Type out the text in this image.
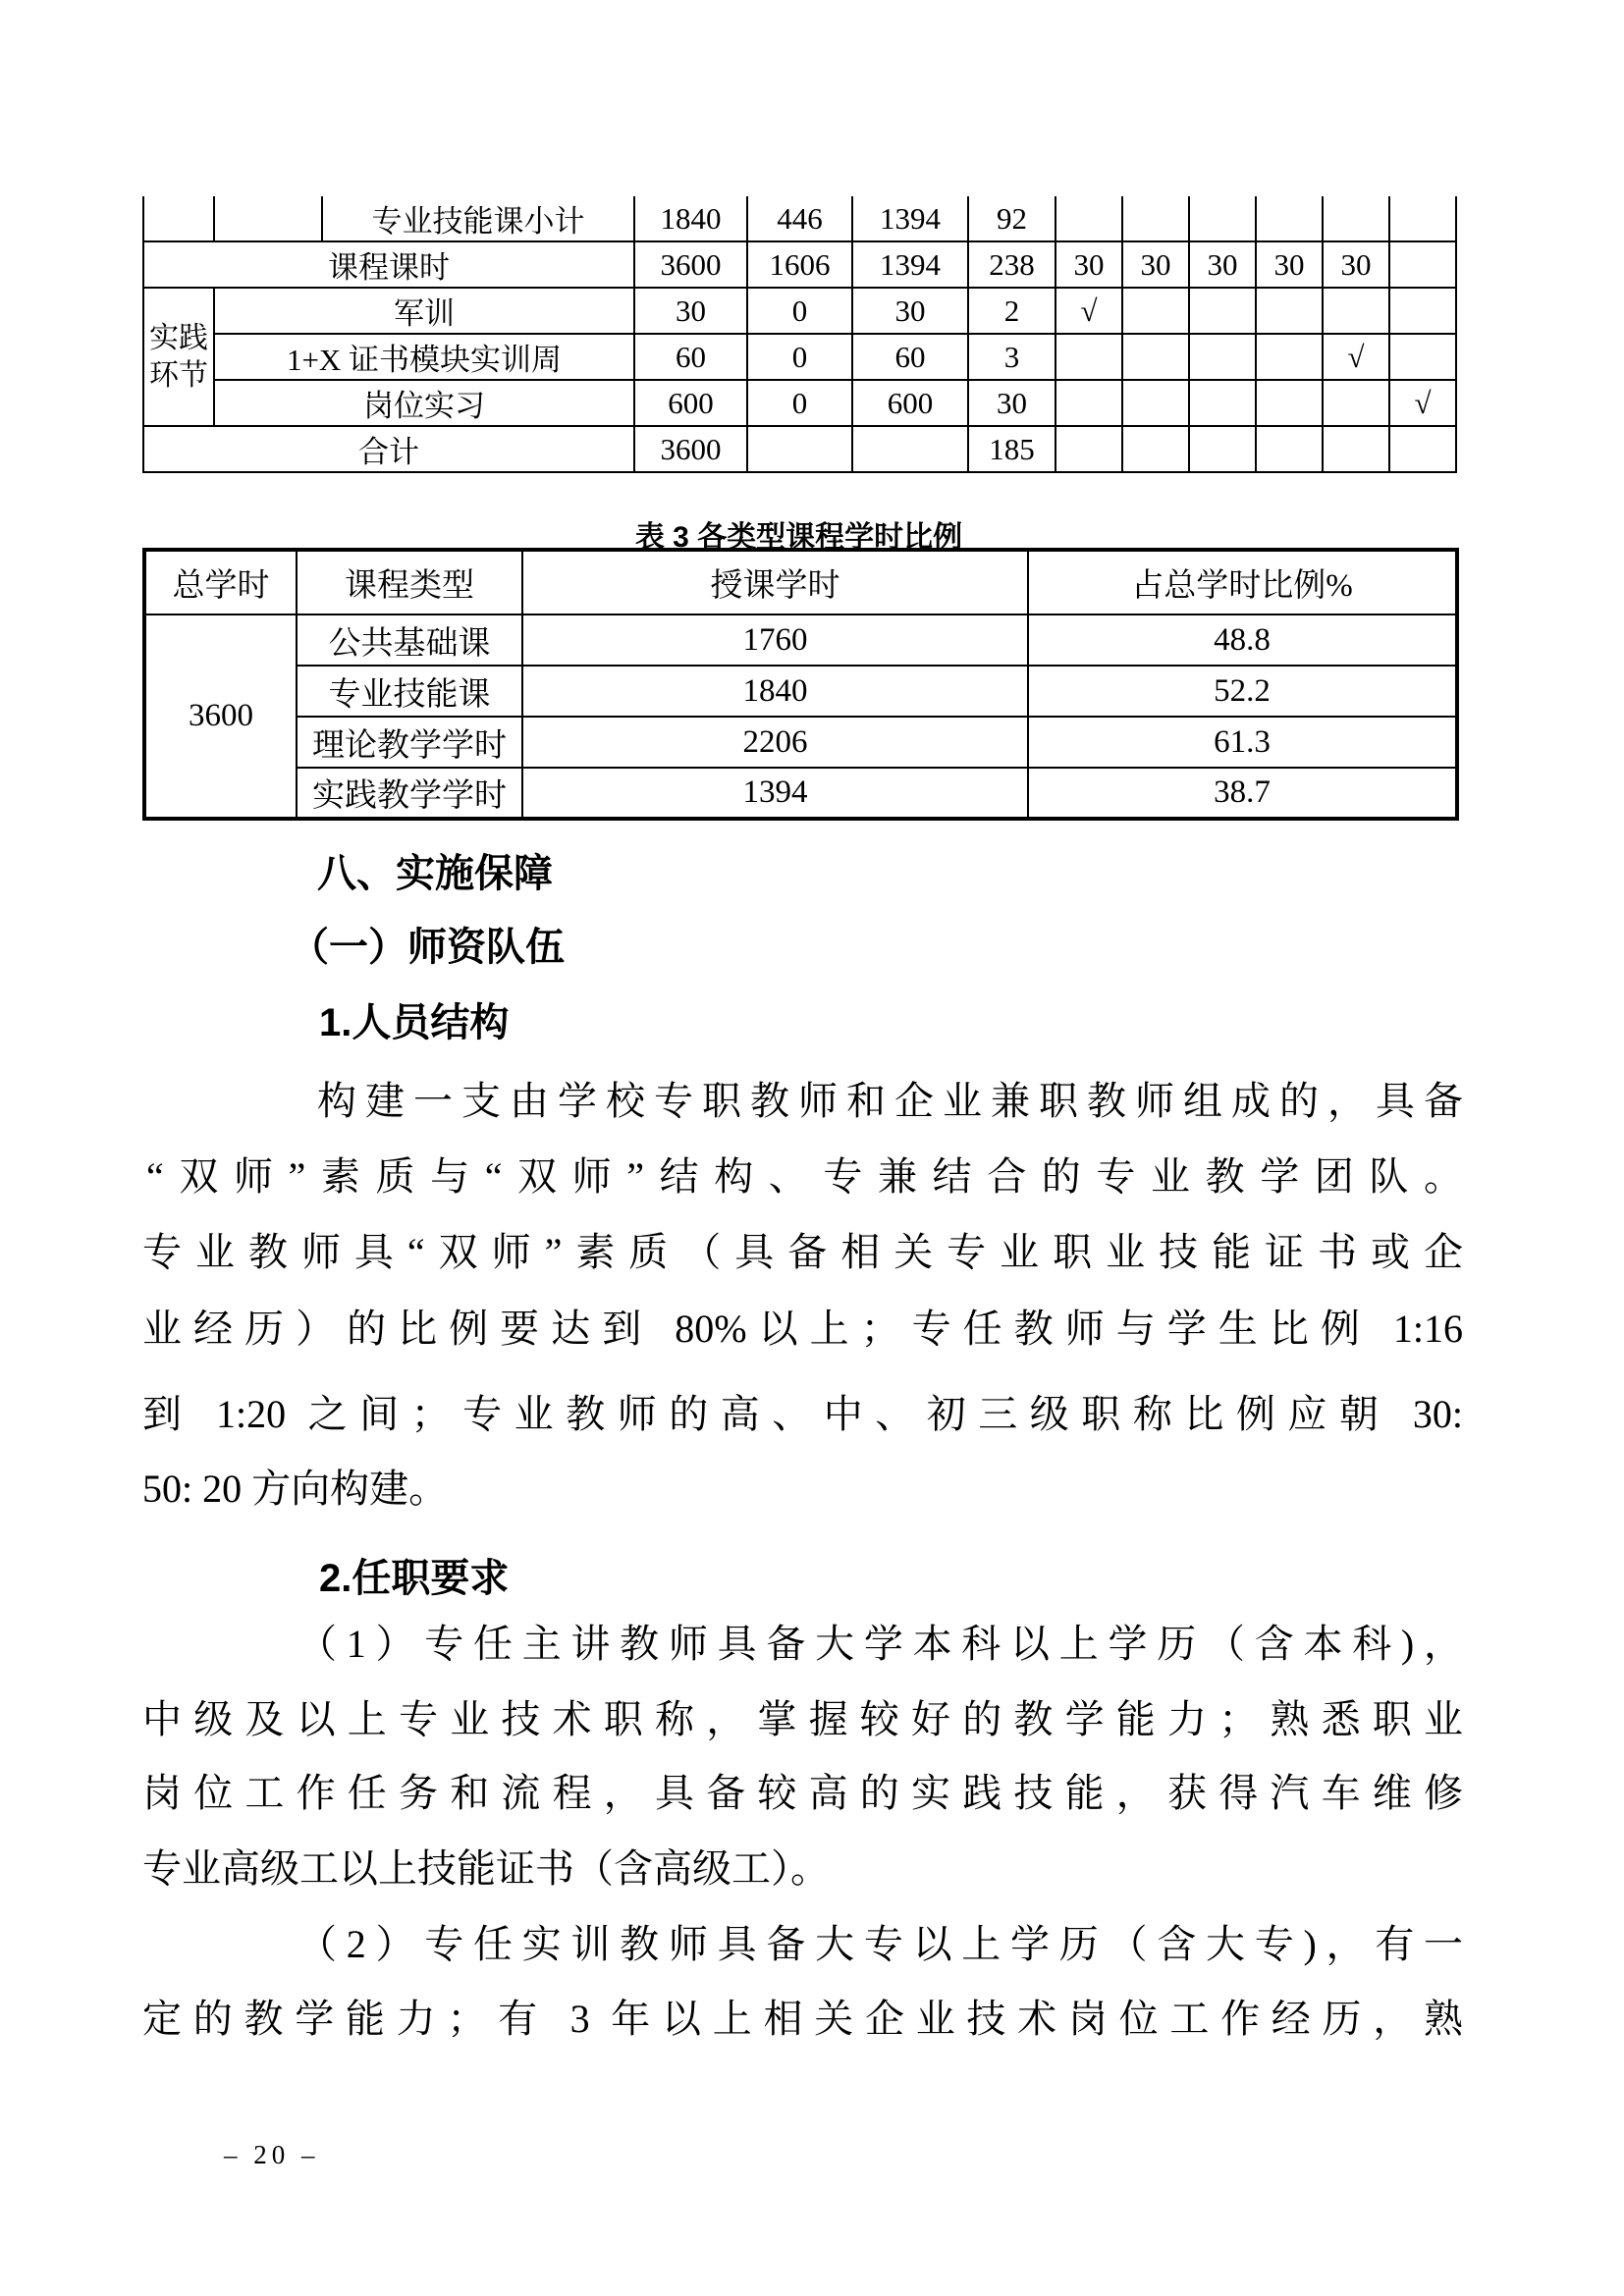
		专业技能课小计	1840	446	1394	92						
课程课时			3600	1606	1394	238	30	30	30	30	30	
实践环节	军训		30	0	30	2	√					
	1+X 证书模块实训周		60	0	60	3					√	
	岗位实习		600	0	600	30						√
合计			3600			185						
表 3 各类型课程学时比例
总学时	课程类型	授课学时	占总学时比例%
3600	公共基础课	1760	48.8
	专业技能课	1840	52.2
	理论教学学时	2206	61.3
	实践教学学时	1394	38.7
八、实施保障
（一）师资队伍
1.人员结构
构建一支由学校专职教师和企业兼职教师组成的，具备
“双师”素质与“双师”结构、专兼结合的专业教学团队。
专业教师具“双师”素质（具备相关专业职业技能证书或企
业经历）的比例要达到 80%以上；专任教师与学生比例 1:16
到 1:20 之间；专业教师的高、中、初三级职称比例应朝 30:
50: 20 方向构建。
2.任职要求
（1）专任主讲教师具备大学本科以上学历（含本科)，
中级及以上专业技术职称，掌握较好的教学能力；熟悉职业
岗位工作任务和流程，具备较高的实践技能，获得汽车维修
专业高级工以上技能证书（含高级工）。
（2）专任实训教师具备大专以上学历（含大专)，有一
定的教学能力；有 3 年以上相关企业技术岗位工作经历，熟
– 20 –
